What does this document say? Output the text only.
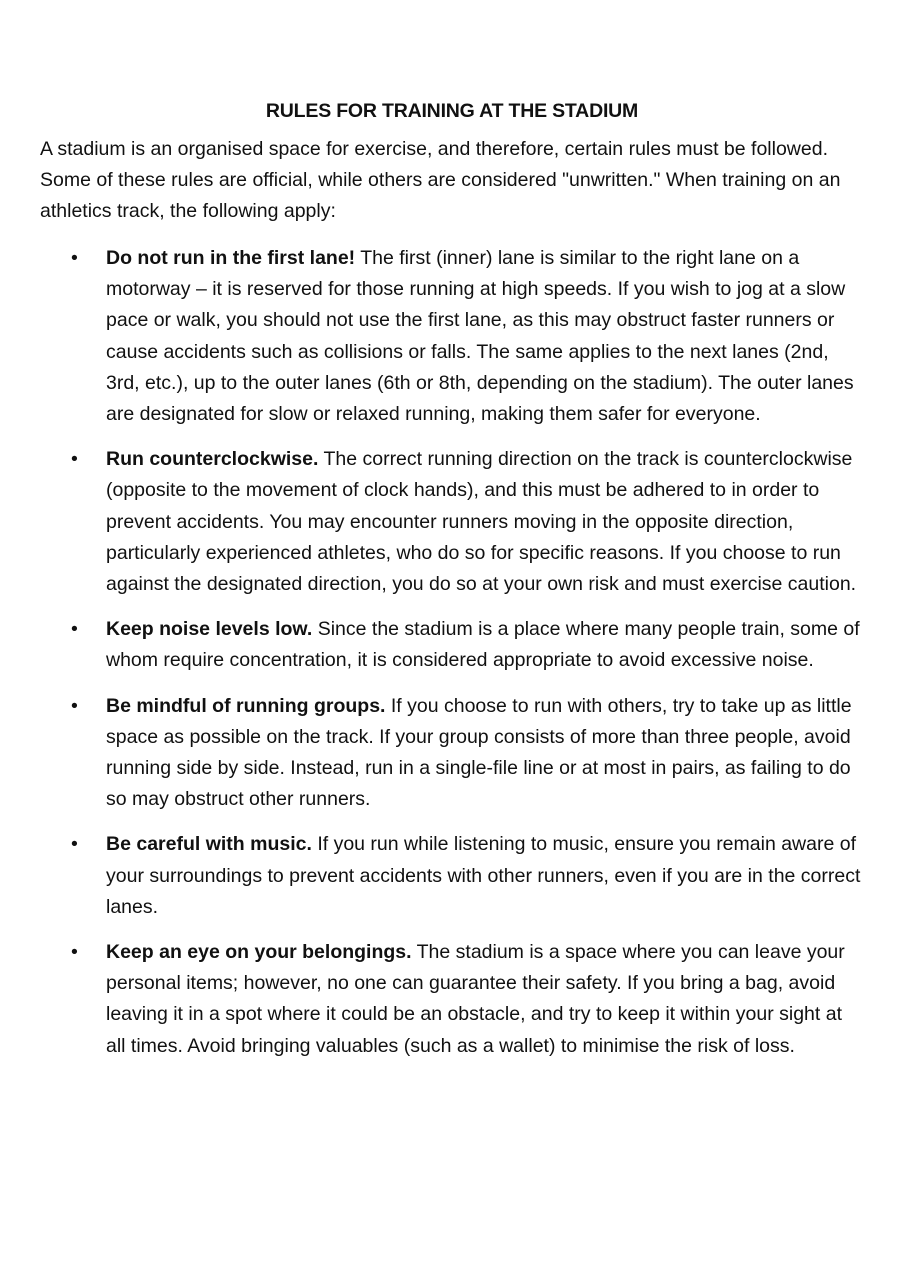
RULES FOR TRAINING AT THE STADIUM

A stadium is an organised space for exercise, and therefore, certain rules must be followed. Some of these rules are official, while others are considered "unwritten." When training on an athletics track, the following apply:

• Do not run in the first lane! The first (inner) lane is similar to the right lane on a motorway – it is reserved for those running at high speeds. If you wish to jog at a slow pace or walk, you should not use the first lane, as this may obstruct faster runners or cause accidents such as collisions or falls. The same applies to the next lanes (2nd, 3rd, etc.), up to the outer lanes (6th or 8th, depending on the stadium). The outer lanes are designated for slow or relaxed running, making them safer for everyone.
• Run counterclockwise. The correct running direction on the track is counterclockwise (opposite to the movement of clock hands), and this must be adhered to in order to prevent accidents. You may encounter runners moving in the opposite direction, particularly experienced athletes, who do so for specific reasons. If you choose to run against the designated direction, you do so at your own risk and must exercise caution.
• Keep noise levels low. Since the stadium is a place where many people train, some of whom require concentration, it is considered appropriate to avoid excessive noise.
• Be mindful of running groups. If you choose to run with others, try to take up as little space as possible on the track. If your group consists of more than three people, avoid running side by side. Instead, run in a single-file line or at most in pairs, as failing to do so may obstruct other runners.
• Be careful with music. If you run while listening to music, ensure you remain aware of your surroundings to prevent accidents with other runners, even if you are in the correct lanes.
• Keep an eye on your belongings. The stadium is a space where you can leave your personal items; however, no one can guarantee their safety. If you bring a bag, avoid leaving it in a spot where it could be an obstacle, and try to keep it within your sight at all times. Avoid bringing valuables (such as a wallet) to minimise the risk of loss.
